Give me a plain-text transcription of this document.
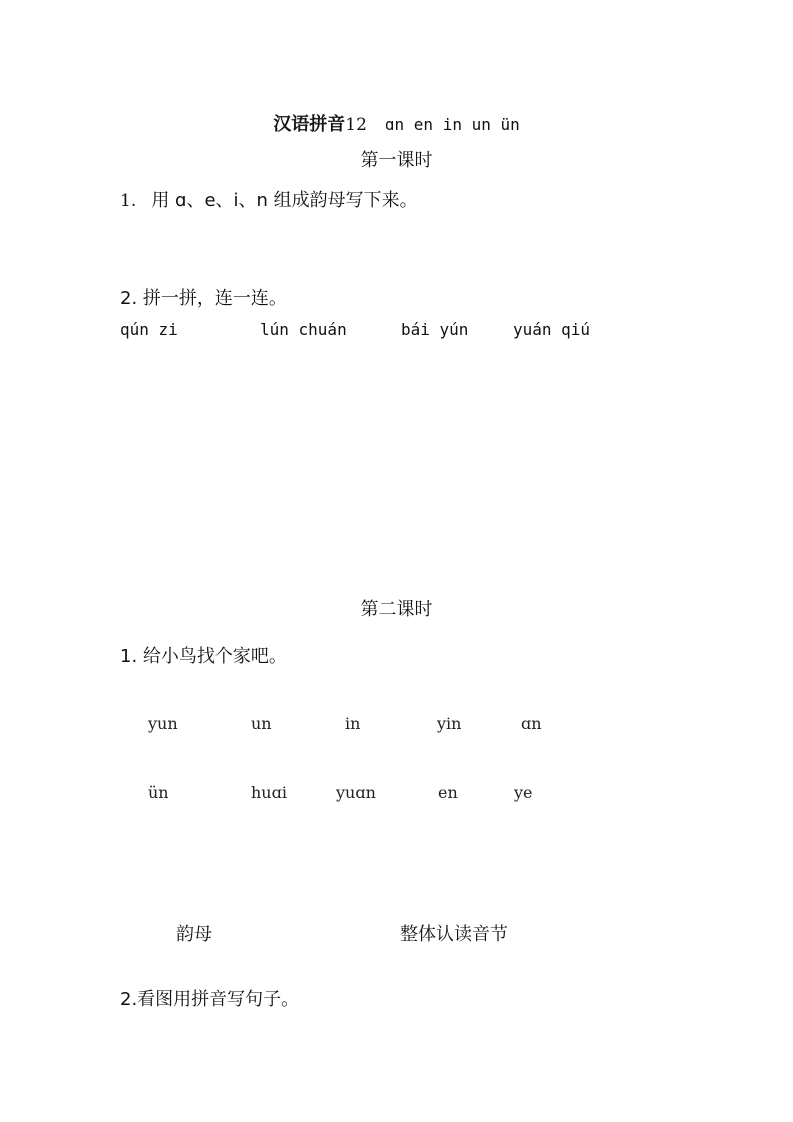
汉语拼音12 ɑn en in un ün
第一课时
1. 用 ɑ、e、i、n 组成韵母写下来。
2. 拼一拼，连一连。
qún zi	lún chuán	bái yún	yuán qiú
第二课时
1. 给小鸟找个家吧。
yun	un	in	yin	ɑn
ün	huɑi	yuɑn	en	ye
韵母	整体认读音节
2.看图用拼音写句子。
